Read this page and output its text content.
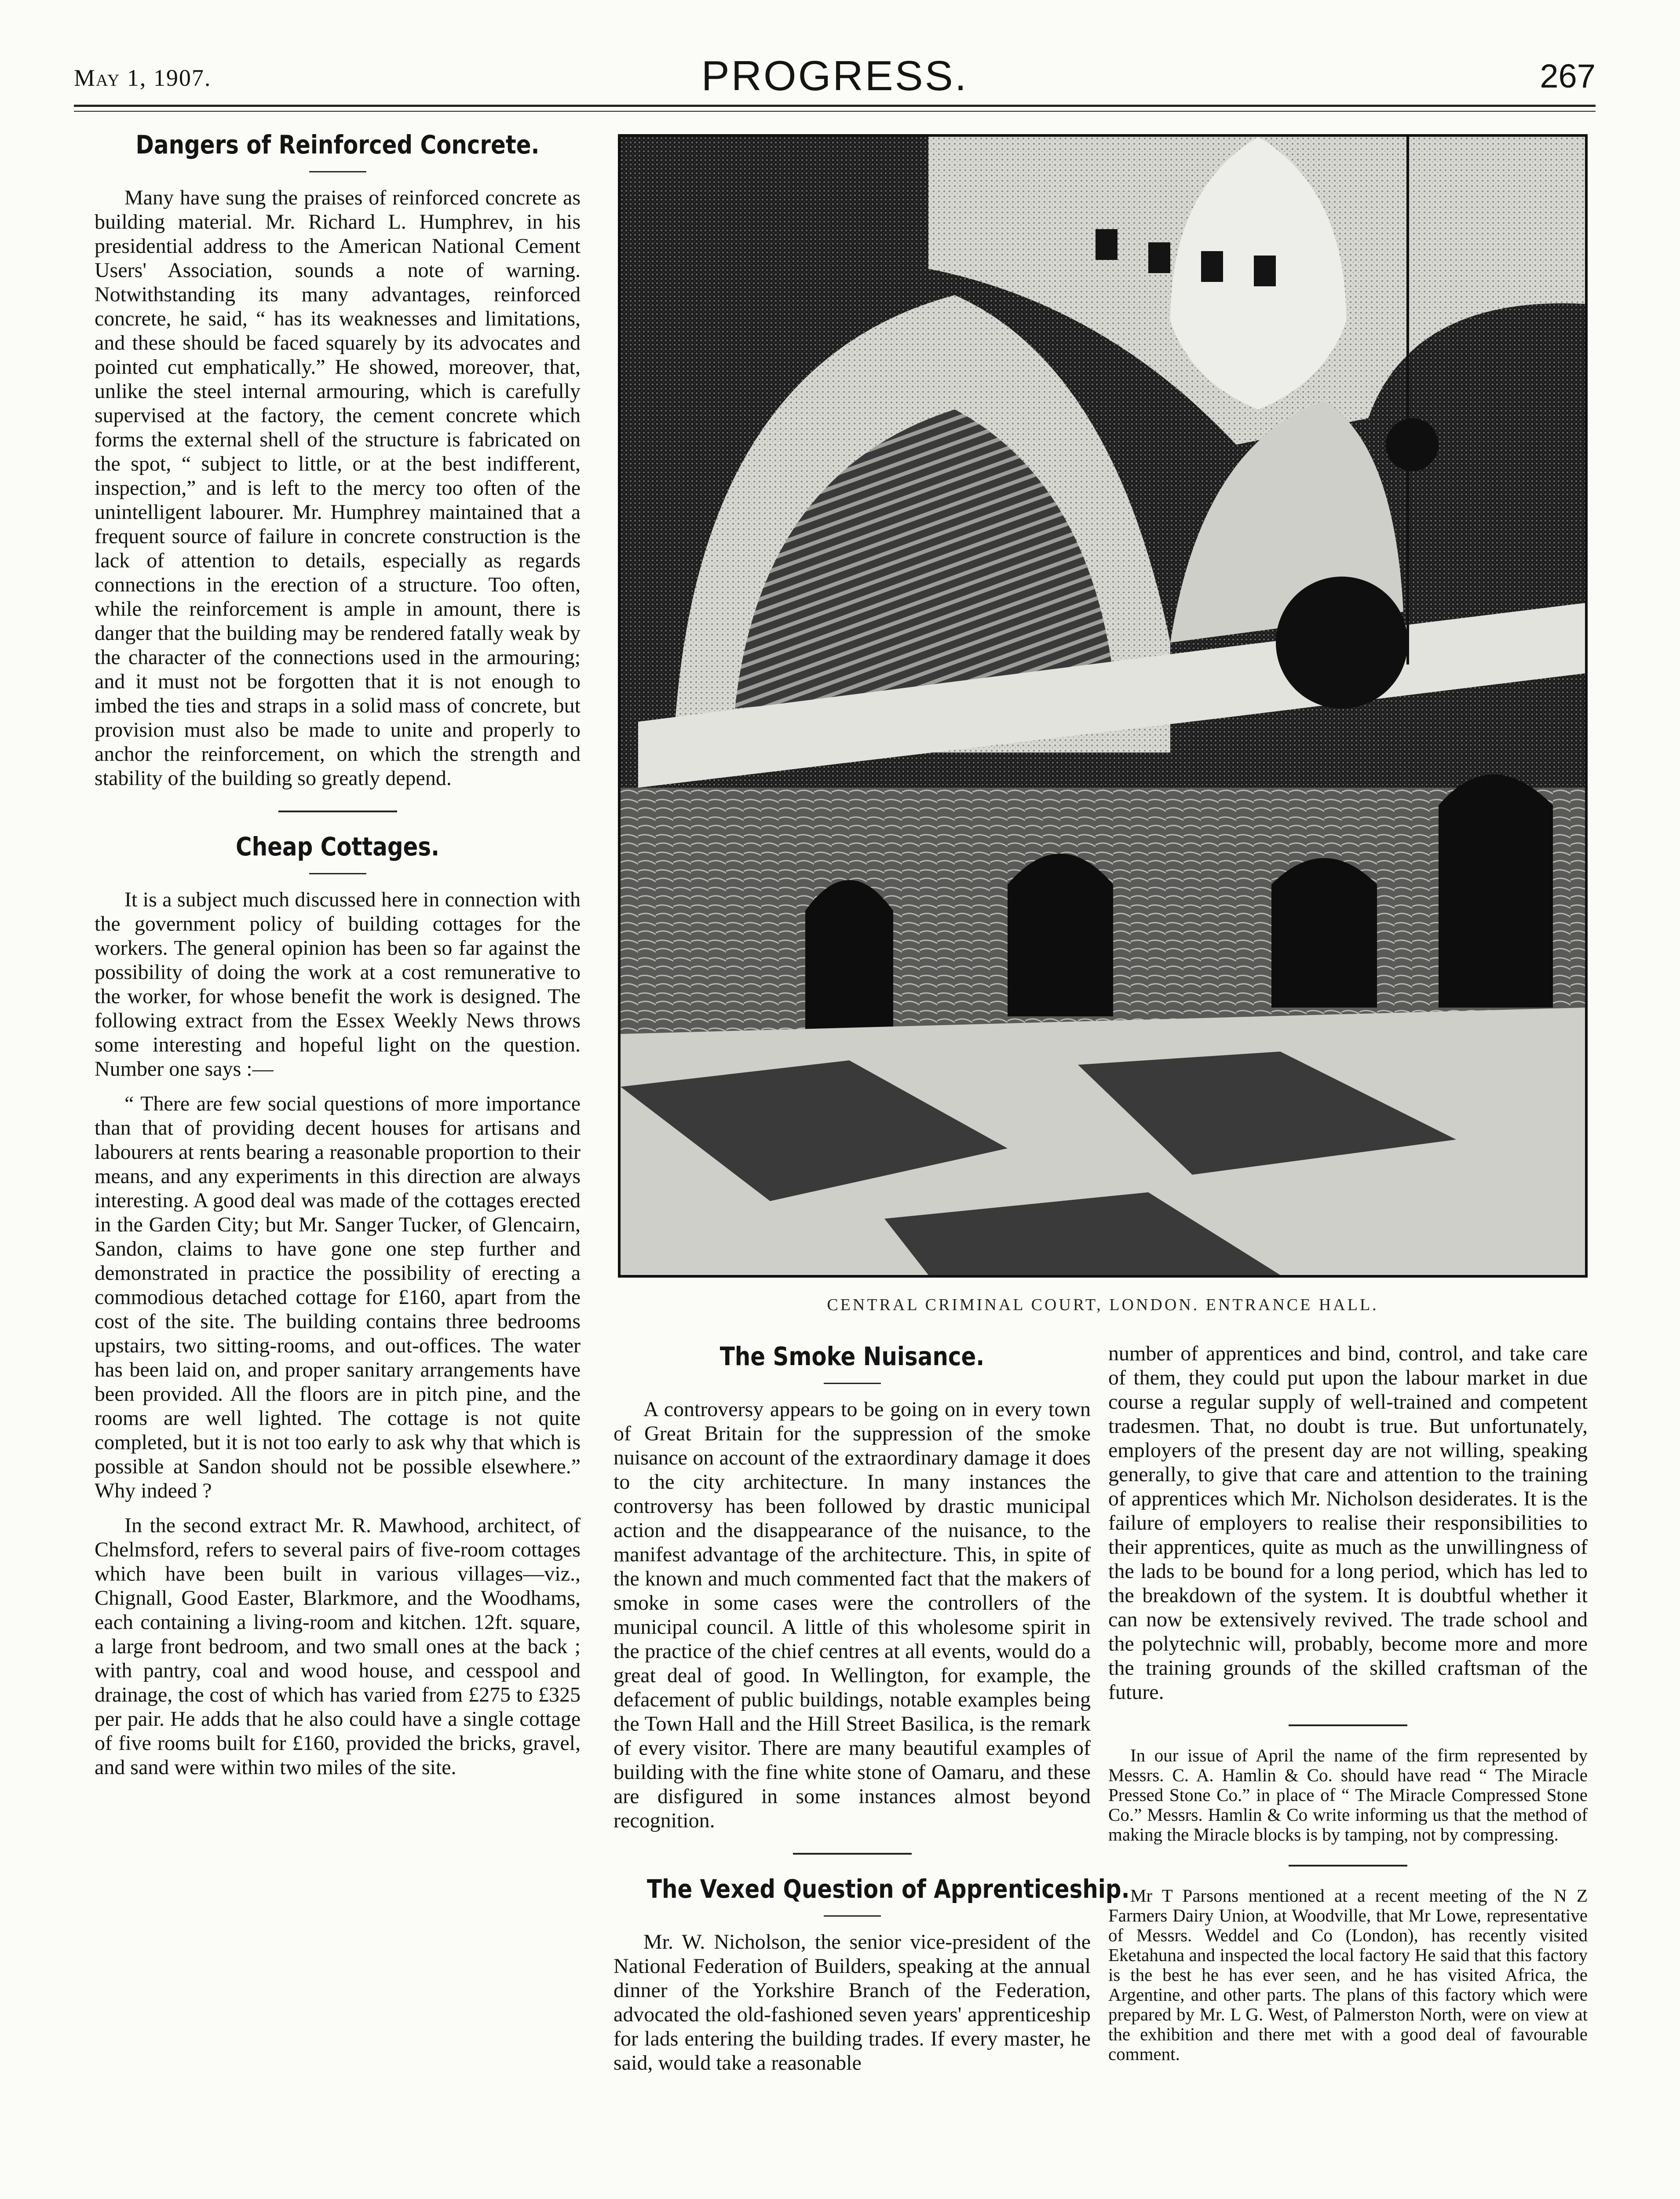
May 1, 1907.	PROGRESS.	267
Dangers of Reinforced Concrete.

Many have sung the praises of reinforced concrete as building material. Mr. Richard L. Humphrev, in his presidential address to the American National Cement Users' Association, sounds a note of warning. Notwithstanding its many advantages, reinforced concrete, he said, “ has its weaknesses and limitations, and these should be faced squarely by its advocates and pointed cut emphatically.” He showed, moreover, that, unlike the steel internal armouring, which is carefully supervised at the factory, the cement concrete which forms the external shell of the structure is fabricated on the spot, “ subject to little, or at the best indifferent, inspection,” and is left to the mercy too often of the unintelligent labourer. Mr. Humphrey maintained that a frequent source of failure in concrete construction is the lack of attention to details, especially as regards connections in the erection of a structure. Too often, while the reinforcement is ample in amount, there is danger that the building may be rendered fatally weak by the character of the connections used in the armouring; and it must not be forgotten that it is not enough to imbed the ties and straps in a solid mass of concrete, but provision must also be made to unite and properly to anchor the reinforcement, on which the strength and stability of the building so greatly depend.

Cheap Cottages.

It is a subject much discussed here in connection with the government policy of building cottages for the workers. The general opinion has been so far against the possibility of doing the work at a cost remunerative to the worker, for whose benefit the work is designed. The following extract from the Essex Weekly News throws some interesting and hopeful light on the question. Number one says :—

“ There are few social questions of more importance than that of providing decent houses for artisans and labourers at rents bearing a reasonable proportion to their means, and any experiments in this direction are always interesting. A good deal was made of the cottages erected in the Garden City; but Mr. Sanger Tucker, of Glencairn, Sandon, claims to have gone one step further and demonstrated in practice the possibility of erecting a commodious detached cottage for £160, apart from the cost of the site. The building contains three bedrooms upstairs, two sitting-rooms, and out-offices. The water has been laid on, and proper sanitary arrangements have been provided. All the floors are in pitch pine, and the rooms are well lighted. The cottage is not quite completed, but it is not too early to ask why that which is possible at Sandon should not be possible elsewhere.” Why indeed ?

In the second extract Mr. R. Mawhood, architect, of Chelmsford, refers to several pairs of five-room cottages which have been built in various villages—viz., Chignall, Good Easter, Blarkmore, and the Woodhams, each containing a living-room and kitchen. 12ft. square, a large front bedroom, and two small ones at the back ; with pantry, coal and wood house, and cesspool and drainage, the cost of which has varied from £275 to £325 per pair. He adds that he also could have a single cottage of five rooms built for £160, provided the bricks, gravel, and sand were within two miles of the site.

CENTRAL CRIMINAL COURT, LONDON. ENTRANCE HALL.
The Smoke Nuisance.

A controversy appears to be going on in every town of Great Britain for the suppression of the smoke nuisance on account of the extraordinary damage it does to the city architecture. In many instances the controversy has been followed by drastic municipal action and the disappearance of the nuisance, to the manifest advantage of the architecture. This, in spite of the known and much commented fact that the makers of smoke in some cases were the controllers of the municipal council. A little of this wholesome spirit in the practice of the chief centres at all events, would do a great deal of good. In Wellington, for example, the defacement of public buildings, notable examples being the Town Hall and the Hill Street Basilica, is the remark of every visitor. There are many beautiful examples of building with the fine white stone of Oamaru, and these are disfigured in some instances almost beyond recognition.

The Vexed Question of Apprenticeship.

Mr. W. Nicholson, the senior vice-president of the National Federation of Builders, speaking at the annual dinner of the Yorkshire Branch of the Federation, advocated the old-fashioned seven years' apprenticeship for lads entering the building trades. If every master, he said, would take a reasonable

number of apprentices and bind, control, and take care of them, they could put upon the labour market in due course a regular supply of well-trained and competent tradesmen. That, no doubt is true. But unfortunately, employers of the present day are not willing, speaking generally, to give that care and attention to the training of apprentices which Mr. Nicholson desiderates. It is the failure of employers to realise their responsibilities to their apprentices, quite as much as the unwillingness of the lads to be bound for a long period, which has led to the breakdown of the system. It is doubtful whether it can now be extensively revived. The trade school and the polytechnic will, probably, become more and more the training grounds of the skilled craftsman of the future.

In our issue of April the name of the firm represented by Messrs. C. A. Hamlin & Co. should have read “ The Miracle Pressed Stone Co.” in place of “ The Miracle Compressed Stone Co.” Messrs. Hamlin & Co write informing us that the method of making the Miracle blocks is by tamping, not by compressing.

Mr T Parsons mentioned at a recent meeting of the N Z Farmers Dairy Union, at Woodville, that Mr Lowe, representative of Messrs. Weddel and Co (London), has recently visited Eketahuna and inspected the local factory He said that this factory is the best he has ever seen, and he has visited Africa, the Argentine, and other parts. The plans of this factory which were prepared by Mr. L G. West, of Palmerston North, were on view at the exhibition and there met with a good deal of favourable comment.
